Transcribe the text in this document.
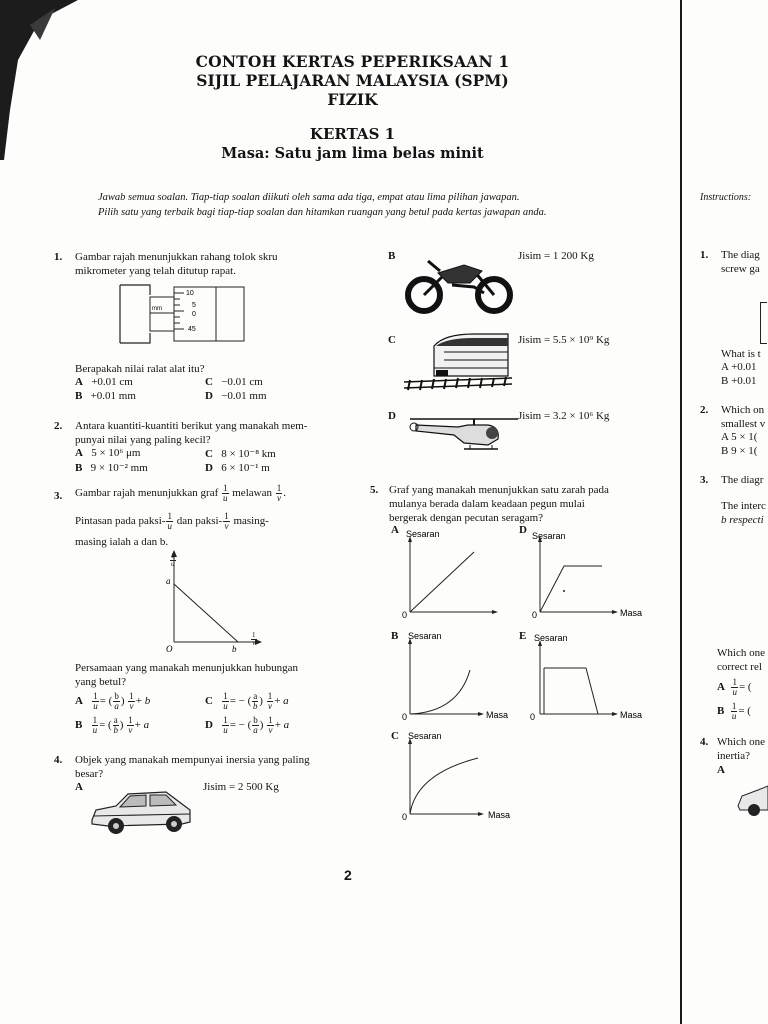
CONTOH KERTAS PEPERIKSAAN 1
SIJIL PELAJARAN MALAYSIA (SPM)
FIZIK
KERTAS 1
Masa: Satu jam lima belas minit
Jawab semua soalan. Tiap-tiap soalan diikuti oleh sama ada tiga, empat atau lima pilihan jawapan.
Pilih satu yang terbaik bagi tiap-tiap soalan dan hitamkan ruangan yang betul pada kertas jawapan anda.
Instructions:
1. Gambar rajah menunjukkan rahang tolok skru
mikrometer yang telah ditutup rapat.
mm
10
5
0
45
Berapakah nilai ralat alat itu?
A +0.01 cm	C −0.01 cm
B +0.01 mm	D −0.01 mm
2. Antara kuantiti-kuantiti berikut yang manakah mem-
punyai nilai yang paling kecil?
A 5 × 10⁶ μm	C 8 × 10⁻⁸ km
B 9 × 10⁻² mm	D 6 × 10⁻¹ m
3. Gambar rajah menunjukkan graf $\frac{1}{u}$ melawan $\frac{1}{v}$ .
Pintasan pada paksi- $\frac{1}{u}$ dan paksi- $\frac{1}{v} masing-$
masing ialah a dan b.
a
b
O
$\frac{1}{u}$
$\frac{1}{v}$
Persamaan yang manakah menunjukkan hubungan
yang betul?
A $\frac{1}{u}$ = ( $\frac{b}{a}$ ) $\frac{1}{v} + b$	C $\frac{1}{u}$ = − ( $\frac{a}{b}$ ) $\frac{1}{v} + a$
B $\frac{1}{u}$ = ( $\frac{a}{b}$ ) $\frac{1}{v} + a$	D $\frac{1}{u}$ = − ( $\frac{b}{a}$ ) $\frac{1}{v} + a$
4. Objek yang manakah mempunyai inersia yang paling
besar?
A	Jisim = 2 500 Kg
B	Jisim = 1 200 Kg
C	Jisim = 5.5 × 10⁹ Kg
D	Jisim = 3.2 × 10⁶ Kg
5. Graf yang manakah menunjukkan satu zarah pada
mulanya berada dalam keadaan pegun mulai
bergerak dengan pecutan seragam?
A Sesaran
0
D Sesaran
0	Masa
B Sesaran
0	Masa
E Sesaran
0	Masa
C Sesaran
0	Masa
2
1. The diag
screw ga
What is t
A +0.01
B +0.01
2. Which on
smallest v
A 5 × 1(
B 9 × 1(
3. The diagr
The interc
b respecti
Which one
correct rel
A $\frac{1}{u}$ = (
B $\frac{1}{u}$ = (
4. Which one
inertia?
A
